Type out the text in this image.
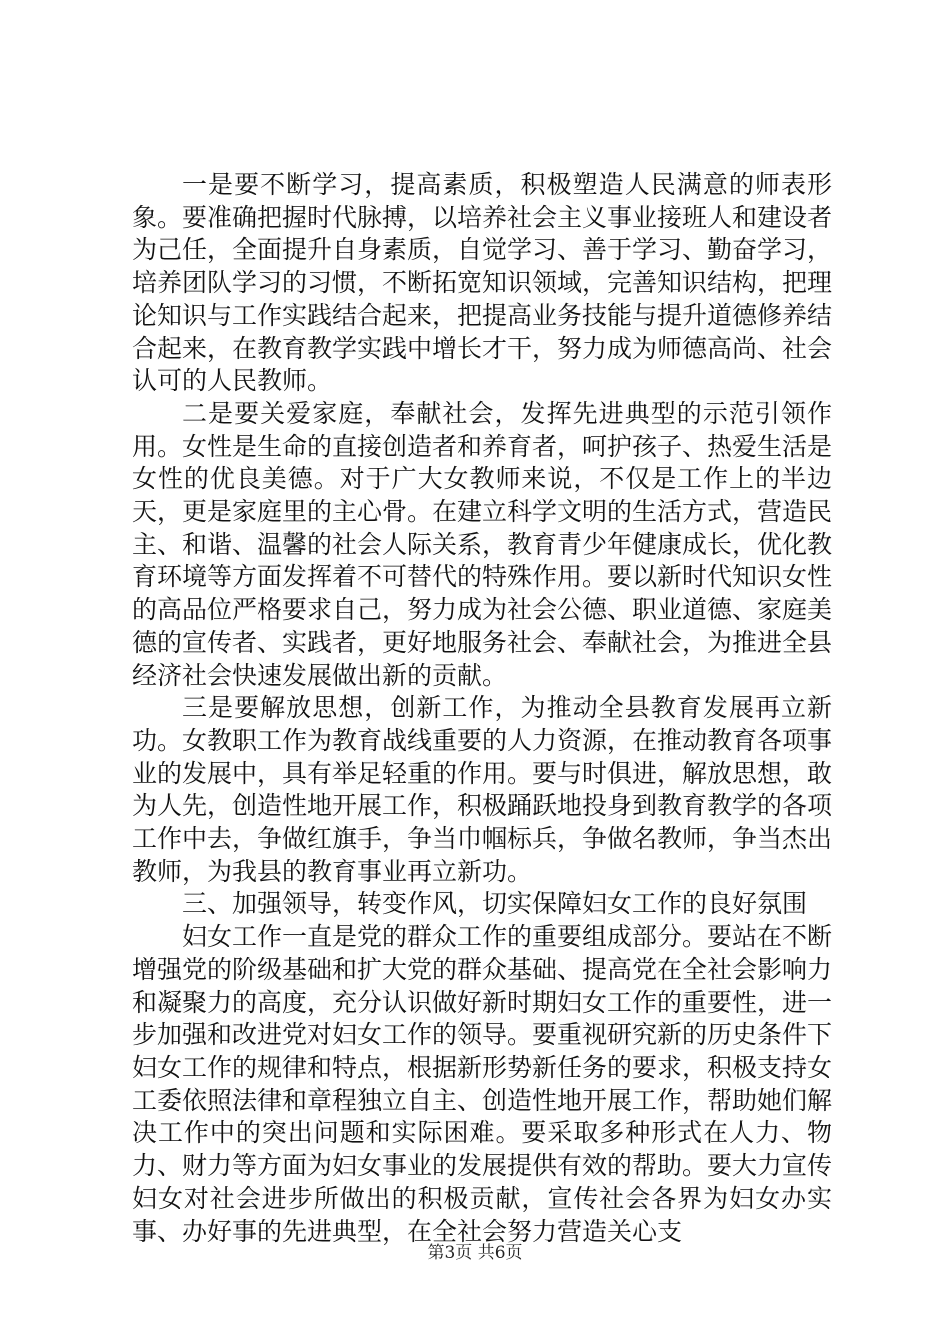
一是要不断学习，提高素质，积极塑造人民满意的师表形象。要准确把握时代脉搏，以培养社会主义事业接班人和建设者为己任，全面提升自身素质，自觉学习、善于学习、勤奋学习，培养团队学习的习惯，不断拓宽知识领域，完善知识结构，把理论知识与工作实践结合起来，把提高业务技能与提升道德修养结合起来，在教育教学实践中增长才干，努力成为师德高尚、社会认可的人民教师。

二是要关爱家庭，奉献社会，发挥先进典型的示范引领作用。女性是生命的直接创造者和养育者，呵护孩子、热爱生活是女性的优良美德。对于广大女教师来说，不仅是工作上的半边天，更是家庭里的主心骨。在建立科学文明的生活方式，营造民主、和谐、温馨的社会人际关系，教育青少年健康成长，优化教育环境等方面发挥着不可替代的特殊作用。要以新时代知识女性的高品位严格要求自己，努力成为社会公德、职业道德、家庭美德的宣传者、实践者，更好地服务社会、奉献社会，为推进全县经济社会快速发展做出新的贡献。

三是要解放思想，创新工作，为推动全县教育发展再立新功。女教职工作为教育战线重要的人力资源，在推动教育各项事业的发展中，具有举足轻重的作用。要与时俱进，解放思想，敢为人先，创造性地开展工作，积极踊跃地投身到教育教学的各项工作中去，争做红旗手，争当巾帼标兵，争做名教师，争当杰出教师，为我县的教育事业再立新功。

三、加强领导，转变作风，切实保障妇女工作的良好氛围

妇女工作一直是党的群众工作的重要组成部分。要站在不断增强党的阶级基础和扩大党的群众基础、提高党在全社会影响力和凝聚力的高度，充分认识做好新时期妇女工作的重要性，进一步加强和改进党对妇女工作的领导。要重视研究新的历史条件下妇女工作的规律和特点，根据新形势新任务的要求，积极支持女工委依照法律和章程独立自主、创造性地开展工作，帮助她们解决工作中的突出问题和实际困难。要采取多种形式在人力、物力、财力等方面为妇女事业的发展提供有效的帮助。要大力宣传妇女对社会进步所做出的积极贡献，宣传社会各界为妇女办实事、办好事的先进典型，在全社会努力营造关心支

第3页 共6页
